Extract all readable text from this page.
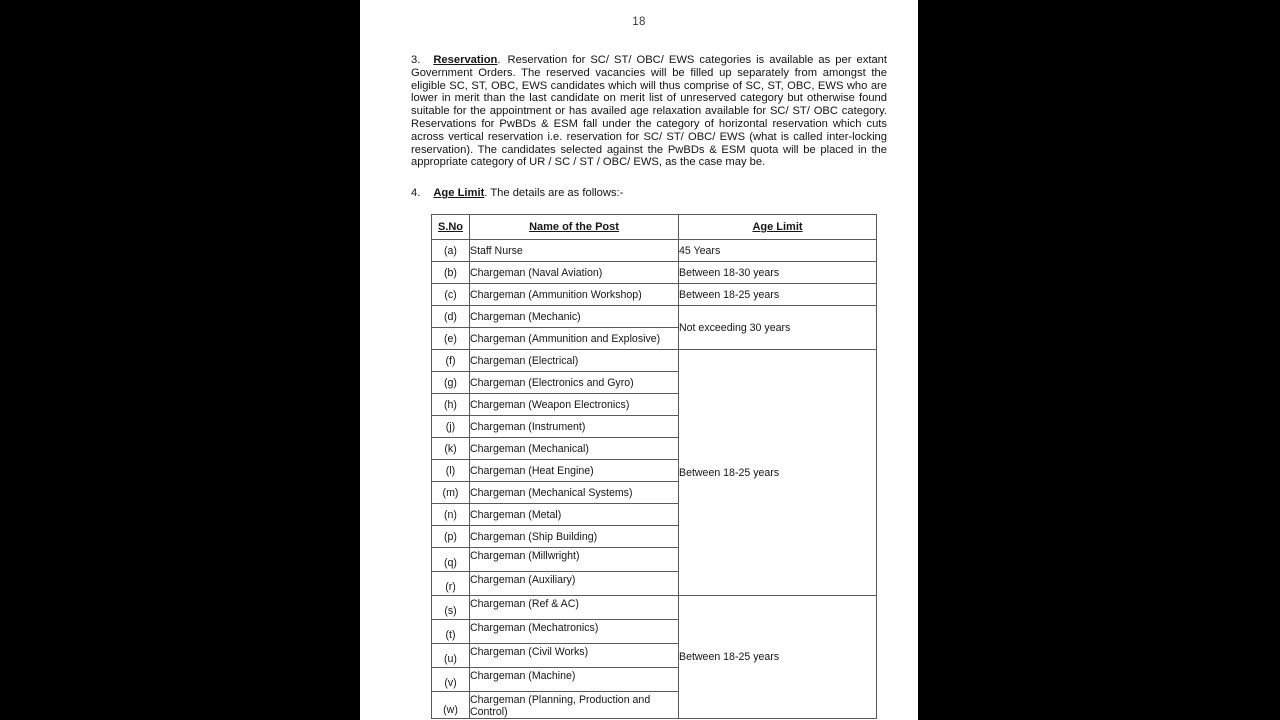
18

3. Reservation. Reservation for SC/ ST/ OBC/ EWS categories is available as per extant Government Orders. The reserved vacancies will be filled up separately from amongst the eligible SC, ST, OBC, EWS candidates which will thus comprise of SC, ST, OBC, EWS who are lower in merit than the last candidate on merit list of unreserved category but otherwise found suitable for the appointment or has availed age relaxation available for SC/ ST/ OBC category. Reservations for PwBDs & ESM fall under the category of horizontal reservation which cuts across vertical reservation i.e. reservation for SC/ ST/ OBC/ EWS (what is called inter-locking reservation). The candidates selected against the PwBDs & ESM quota will be placed in the appropriate category of UR / SC / ST / OBC/ EWS, as the case may be.

4. Age Limit. The details are as follows:-
S.No	Name of the Post	Age Limit
(a)	Staff Nurse	45 Years
(b)	Chargeman (Naval Aviation)	Between 18-30 years
(c)	Chargeman (Ammunition Workshop)	Between 18-25 years
(d)	Chargeman (Mechanic)	Not exceeding 30 years
(e)	Chargeman (Ammunition and Explosive)	
(f)	Chargeman (Electrical)	Between 18-25 years
(g)	Chargeman (Electronics and Gyro)	
(h)	Chargeman (Weapon Electronics)	
(j)	Chargeman (Instrument)	
(k)	Chargeman (Mechanical)	
(l)	Chargeman (Heat Engine)	
(m)	Chargeman (Mechanical Systems)	
(n)	Chargeman (Metal)	
(p)	Chargeman (Ship Building)	
(q)	Chargeman (Millwright)	
(r)	Chargeman (Auxiliary)	
(s)	Chargeman (Ref & AC)	Between 18-25 years
(t)	Chargeman (Mechatronics)	
(u)	Chargeman (Civil Works)	
(v)	Chargeman (Machine)	
(w)	Chargeman (Planning, Production and Control)	
